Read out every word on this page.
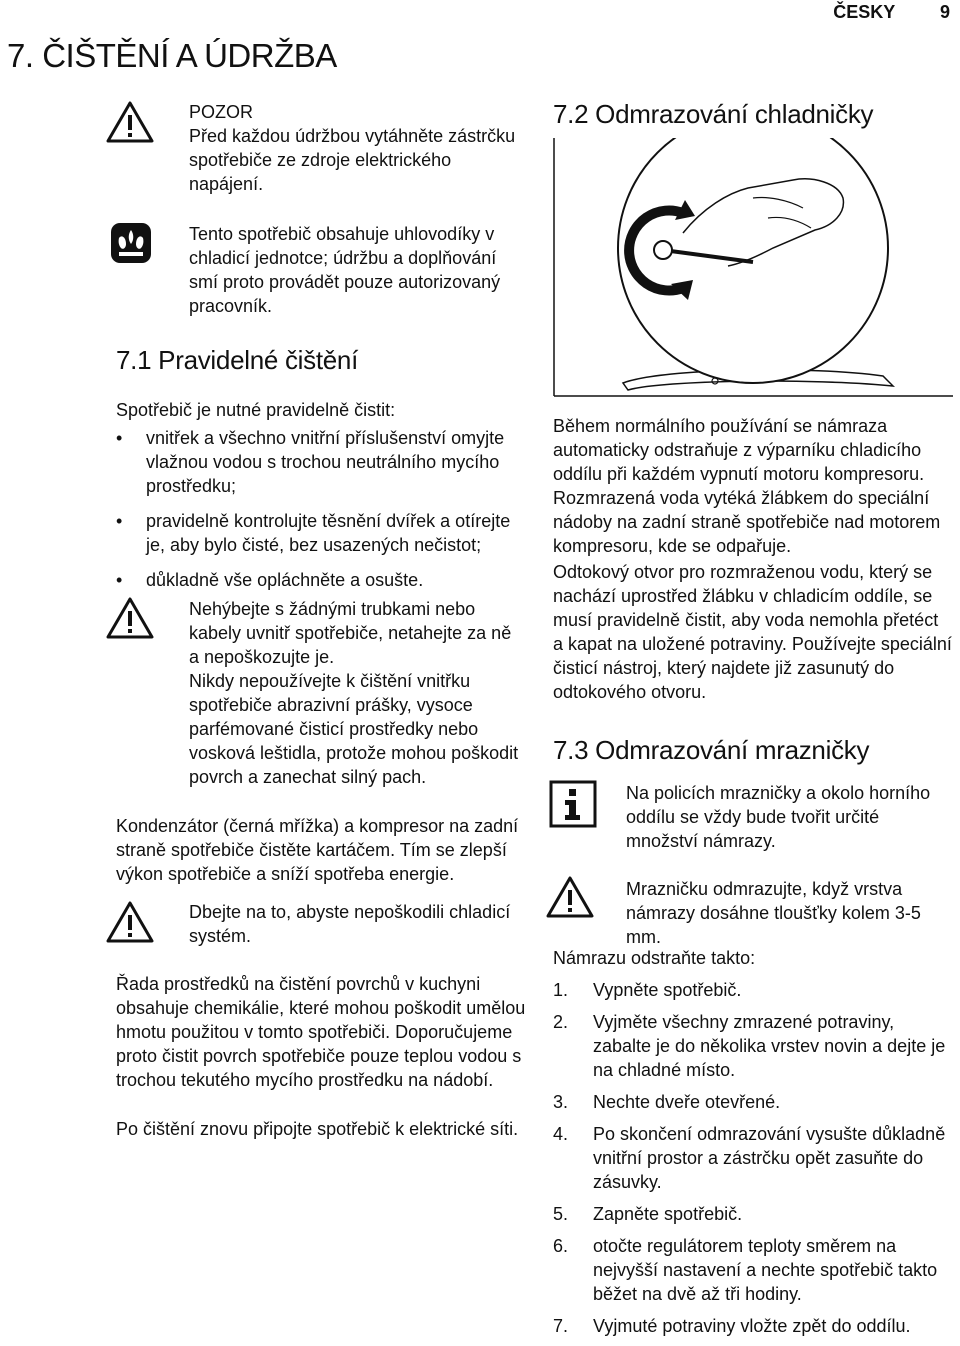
ČESKY	9
7. ČIŠTĚNÍ A ÚDRŽBA
POZOR
Před každou údržbou vytáhněte zástrčku spotřebiče ze zdroje elektrického napájení.
Tento spotřebič obsahuje uhlovodíky v chladicí jednotce; údržbu a doplňování smí proto provádět pouze autorizovaný pracovník.
7.1 Pravidelné čištění
Spotřebič je nutné pravidelně čistit:
• vnitřek a všechno vnitřní příslušenství omyjte vlažnou vodou s trochou neutrálního mycího prostředku;
• pravidelně kontrolujte těsnění dvířek a otírejte je, aby bylo čisté, bez usazených nečistot;
• důkladně vše opláchněte a osušte.
Nehýbejte s žádnými trubkami nebo kabely uvnitř spotřebiče, netahejte za ně a nepoškozujte je.
Nikdy nepoužívejte k čištění vnitřku spotřebiče abrazivní prášky, vysoce parfémované čisticí prostředky nebo vosková leštidla, protože mohou poškodit povrch a zanechat silný pach.
Kondenzátor (černá mřížka) a kompresor na zadní straně spotřebiče čistěte kartáčem. Tím se zlepší výkon spotřebiče a sníží spotřeba energie.
Dbejte na to, abyste nepoškodili chladicí systém.
Řada prostředků na čistění povrchů v kuchyni obsahuje chemikálie, které mohou poškodit umělou hmotu použitou v tomto spotřebiči. Doporučujeme proto čistit povrch spotřebiče pouze teplou vodou s trochou tekutého mycího prostředku na nádobí.
Po čištění znovu připojte spotřebič k elektrické síti.
7.2 Odmrazování chladničky
Během normálního používání se námraza automaticky odstraňuje z výparníku chladicího oddílu při každém vypnutí motoru kompresoru. Rozmrazená voda vytéká žlábkem do speciální nádoby na zadní straně spotřebiče nad motorem kompresoru, kde se odpařuje.
Odtokový otvor pro rozmraženou vodu, který se nachází uprostřed žlábku v chladicím oddíle, se musí pravidelně čistit, aby voda nemohla přetéct a kapat na uložené potraviny. Používejte speciální čisticí nástroj, který najdete již zasunutý do odtokového otvoru.
7.3 Odmrazování mrazničky
Na policích mrazničky a okolo horního oddílu se vždy bude tvořit určité množství námrazy.
Mrazničku odmrazujte, když vrstva námrazy dosáhne tloušťky kolem 3-5 mm.
Námrazu odstraňte takto:
1. Vypněte spotřebič.
2. Vyjměte všechny zmrazené potraviny, zabalte je do několika vrstev novin a dejte je na chladné místo.
3. Nechte dveře otevřené.
4. Po skončení odmrazování vysušte důkladně vnitřní prostor a zástrčku opět zasuňte do zásuvky.
5. Zapněte spotřebič.
6. otočte regulátorem teploty směrem na nejvyšší nastavení a nechte spotřebič takto běžet na dvě až tři hodiny.
7. Vyjmuté potraviny vložte zpět do oddílu.
